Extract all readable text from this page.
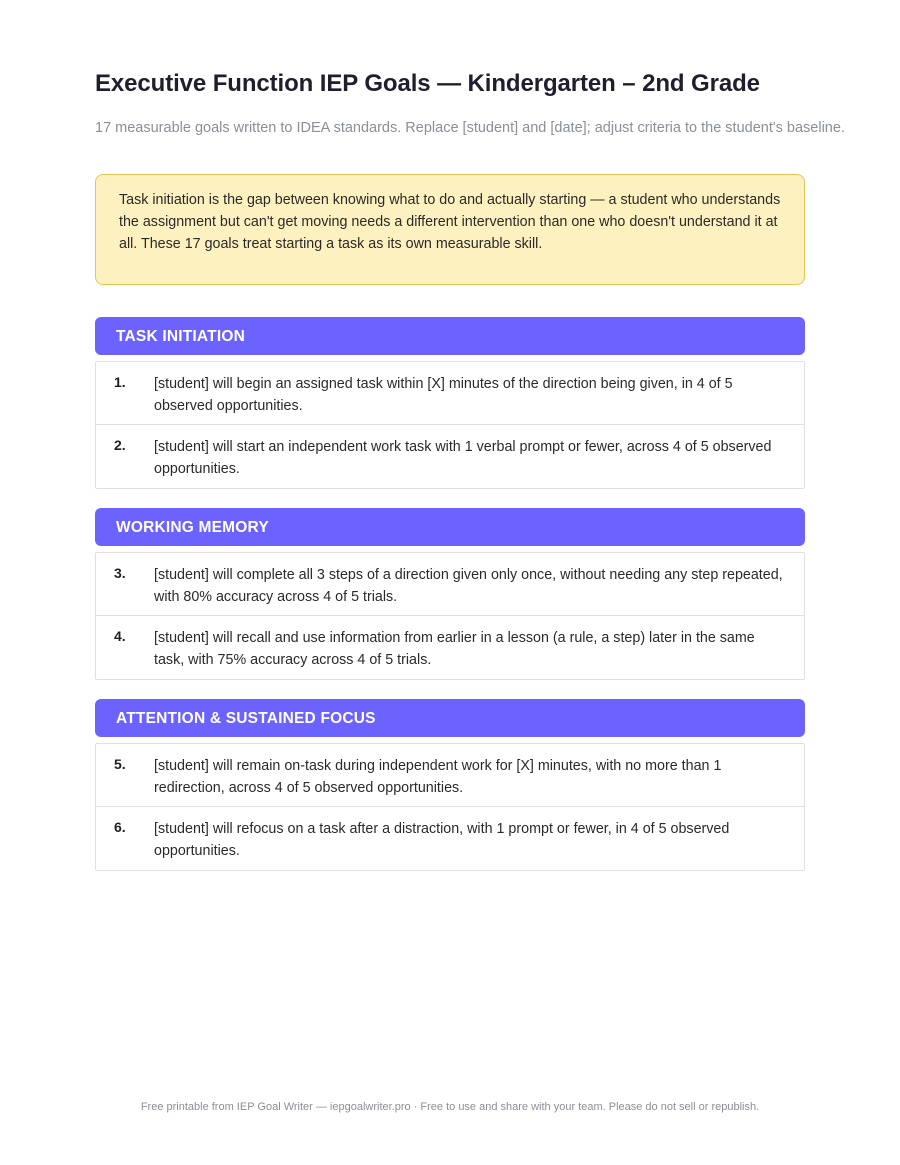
Executive Function IEP Goals — Kindergarten – 2nd Grade

17 measurable goals written to IDEA standards. Replace [student] and [date]; adjust criteria to the student's baseline.

Task initiation is the gap between knowing what to do and actually starting — a student who understands the assignment but can't get moving needs a different intervention than one who doesn't understand it at all. These 17 goals treat starting a task as its own measurable skill.
TASK INITIATION
1. [student] will begin an assigned task within [X] minutes of the direction being given, in 4 of 5 observed opportunities.
2. [student] will start an independent work task with 1 verbal prompt or fewer, across 4 of 5 observed opportunities.
WORKING MEMORY
3. [student] will complete all 3 steps of a direction given only once, without needing any step repeated, with 80% accuracy across 4 of 5 trials.
4. [student] will recall and use information from earlier in a lesson (a rule, a step) later in the same task, with 75% accuracy across 4 of 5 trials.
ATTENTION & SUSTAINED FOCUS
5. [student] will remain on-task during independent work for [X] minutes, with no more than 1 redirection, across 4 of 5 observed opportunities.
6. [student] will refocus on a task after a distraction, with 1 prompt or fewer, in 4 of 5 observed opportunities.
Free printable from IEP Goal Writer — iepgoalwriter.pro · Free to use and share with your team. Please do not sell or republish.
